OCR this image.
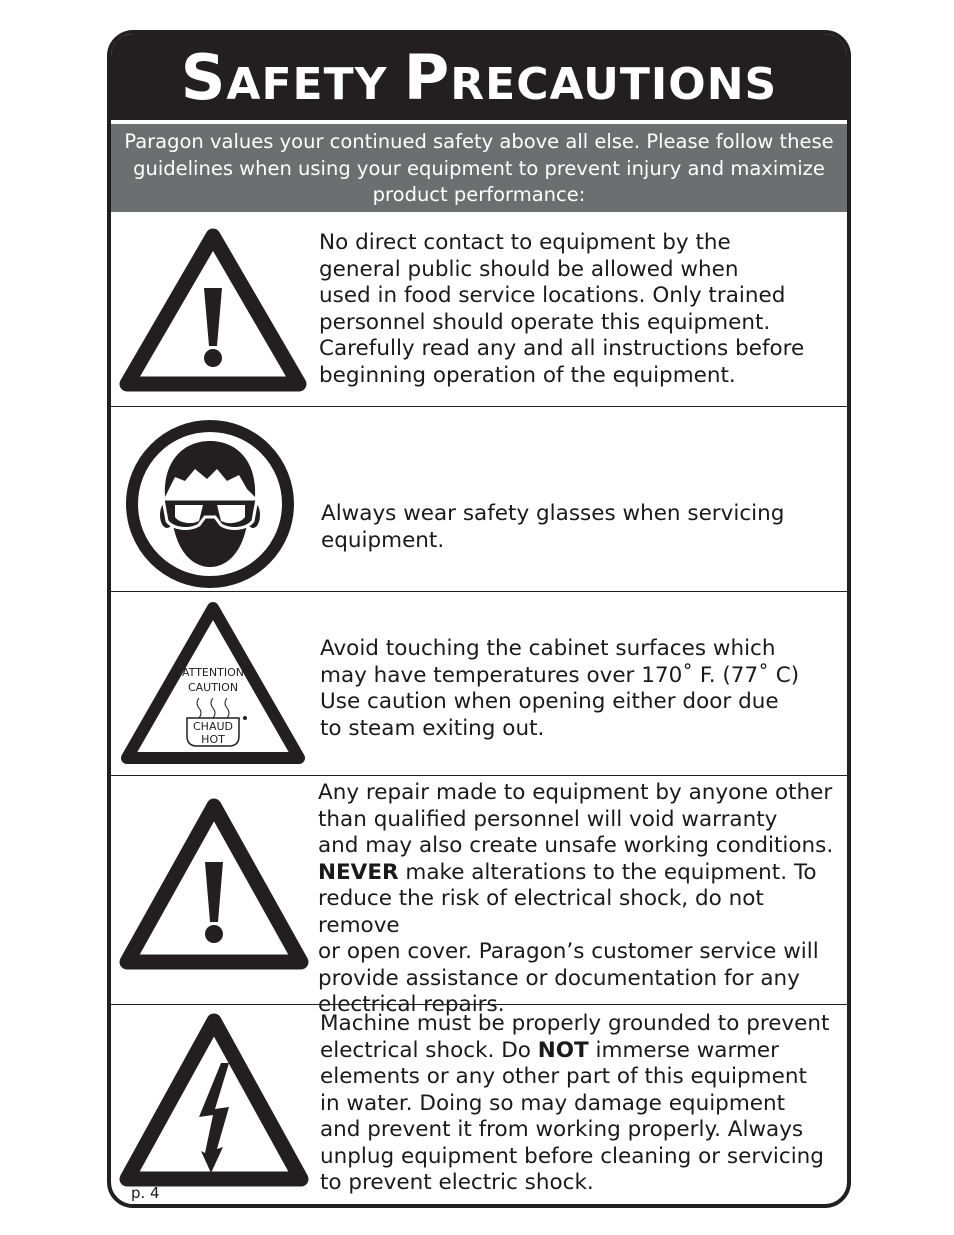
SAFETY PRECAUTIONS
Paragon values your continued safety above all else. Please follow these guidelines when using your equipment to prevent injury and maximize product performance:
No direct contact to equipment by the
general public should be allowed when
used in food service locations. Only trained
personnel should operate this equipment.
Carefully read any and all instructions before
beginning operation of the equipment.
Always wear safety glasses when servicing
equipment.
ATTENTION
CAUTION
CHAUD
HOT
Avoid touching the cabinet surfaces which
may have temperatures over 170˚ F. (77˚ C)
Use caution when opening either door due
to steam exiting out.
Any repair made to equipment by anyone other
than qualified personnel will void warranty
and may also create unsafe working conditions.
NEVER make alterations to the equipment. To
reduce the risk of electrical shock, do not remove
or open cover. Paragon’s customer service will
provide assistance or documentation for any
electrical repairs.
Machine must be properly grounded to prevent
electrical shock. Do NOT immerse warmer
elements or any other part of this equipment
in water. Doing so may damage equipment
and prevent it from working properly. Always
unplug equipment before cleaning or servicing
to prevent electric shock.
p. 4
